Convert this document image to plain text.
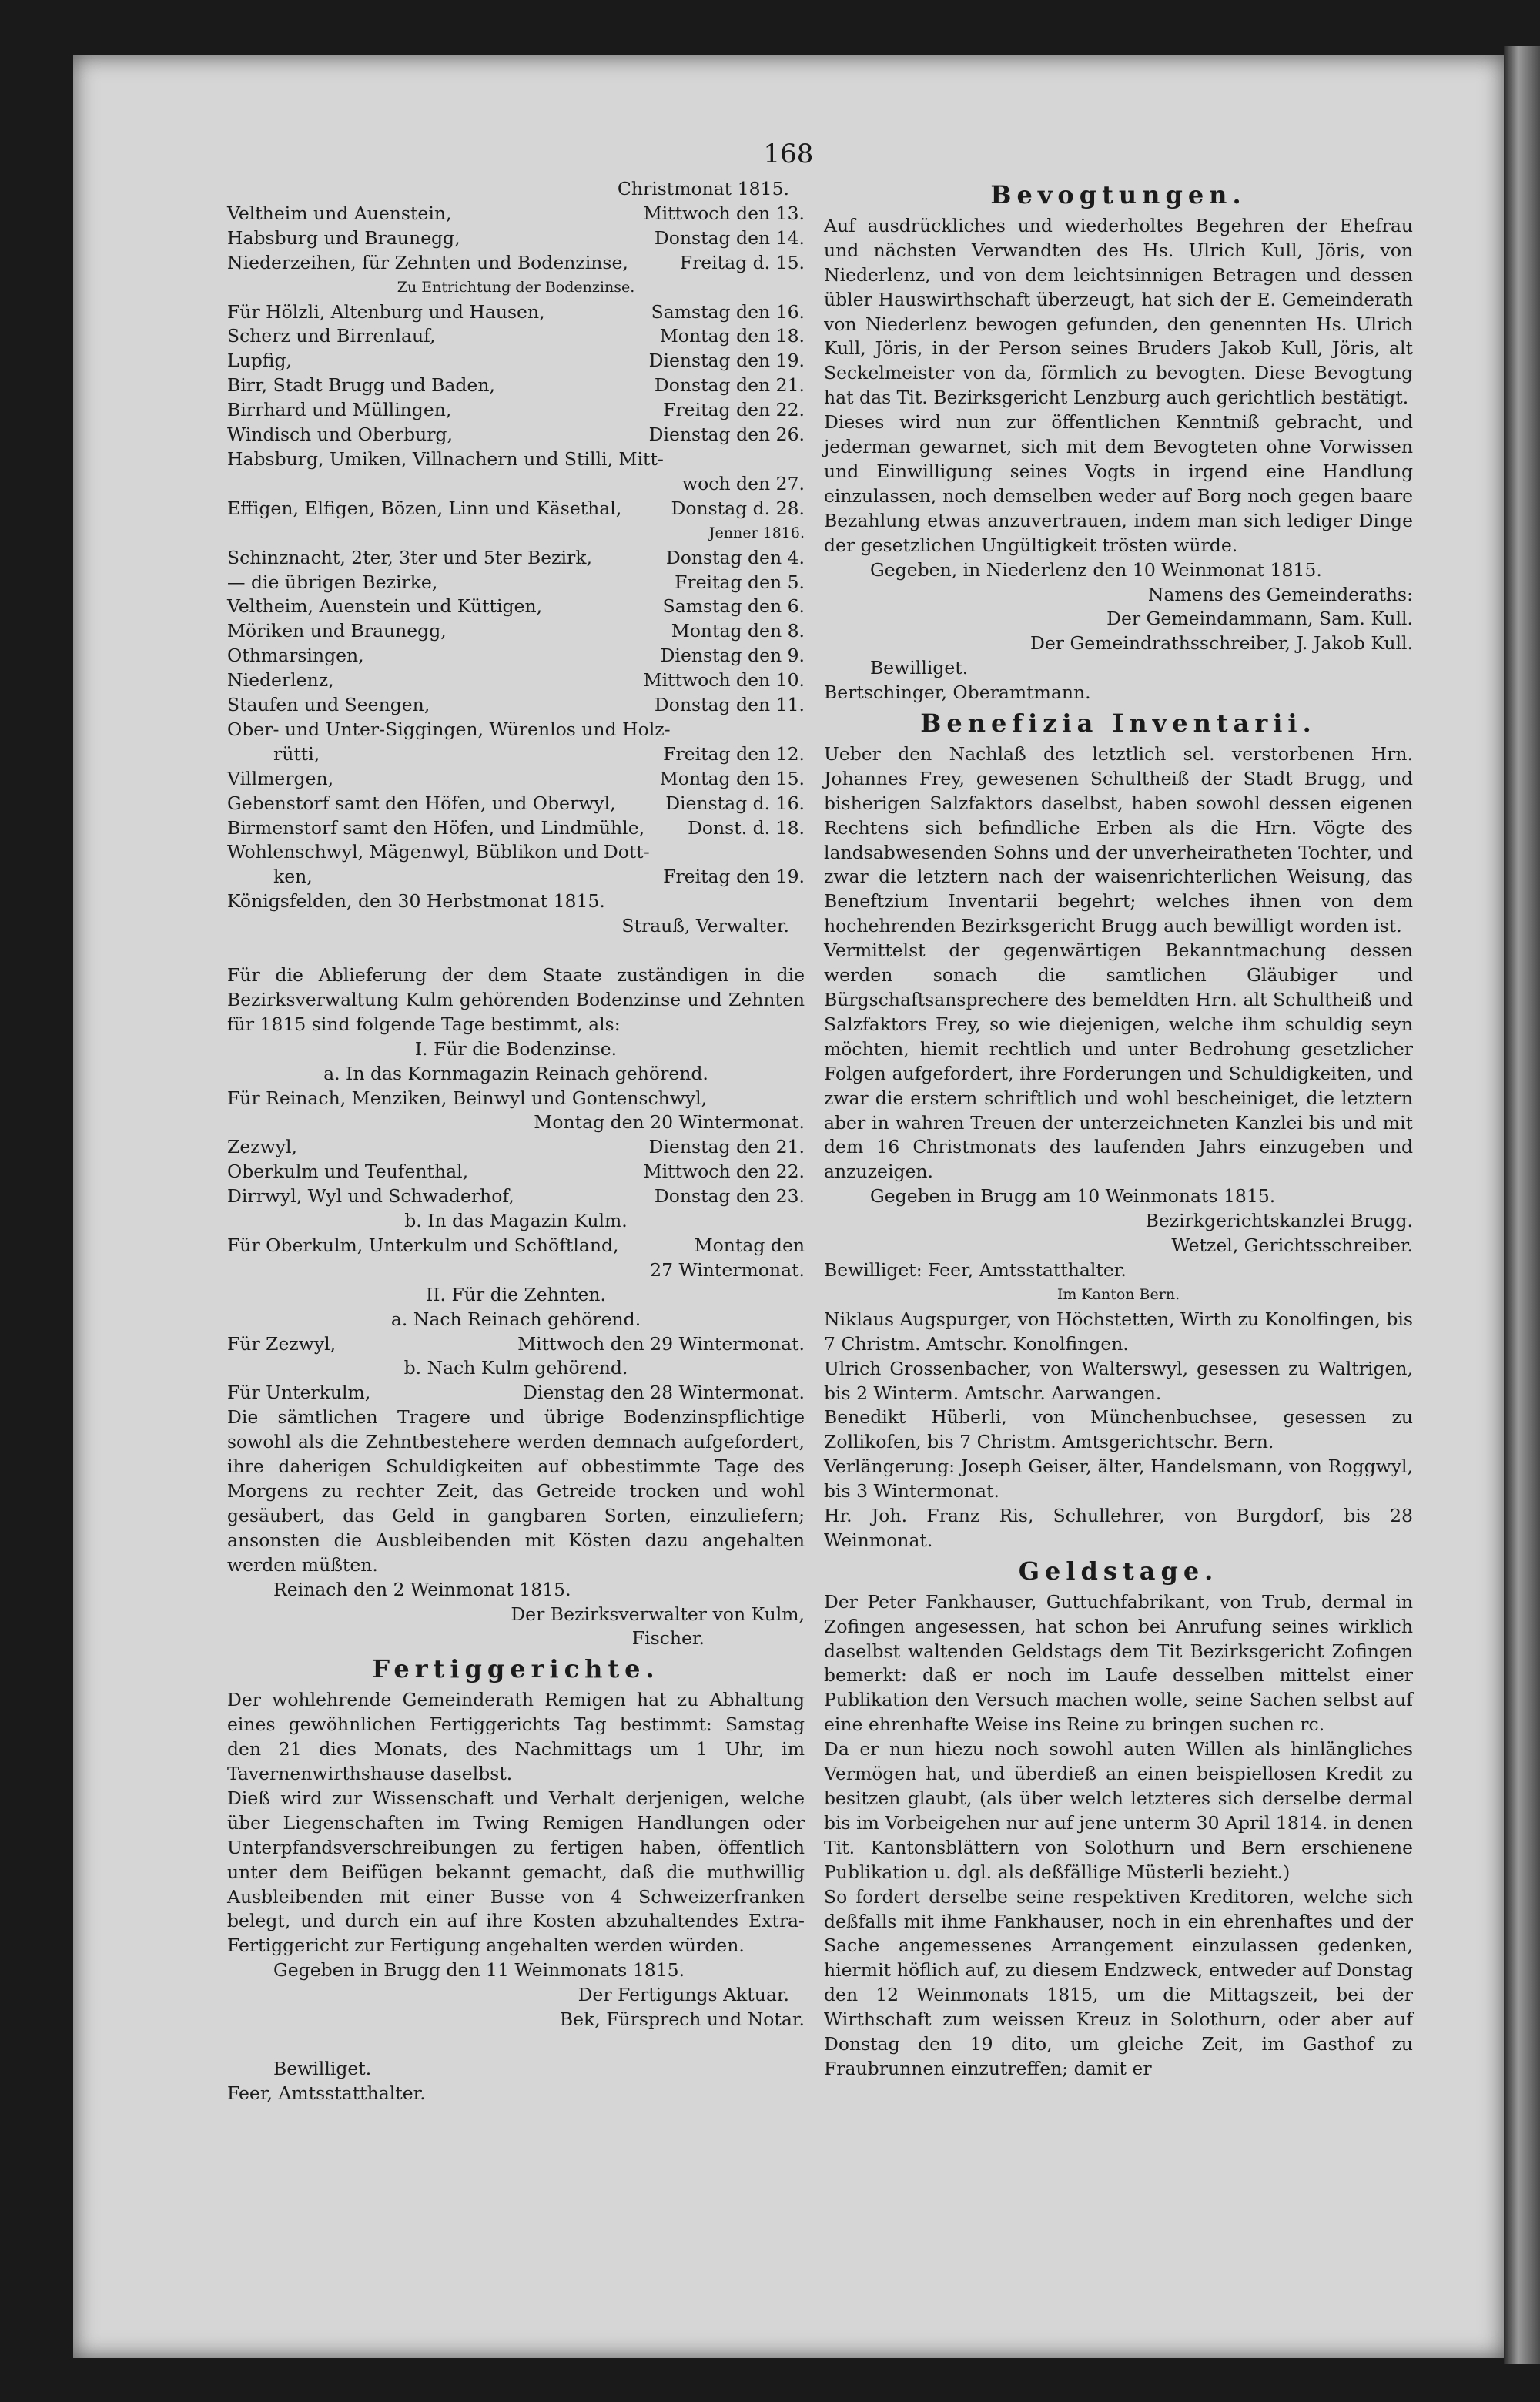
168
Christmonat 1815.
Veltheim und Auenstein,	Mittwoch den 13.
Habsburg und Braunegg,	Donstag den 14.
Niederzeihen, für Zehnten und Bodenzinse,	Freitag d. 15.
Zu Entrichtung der Bodenzinse.
Für Hölzli, Altenburg und Hausen,	Samstag den 16.
Scherz und Birrenlauf,	Montag den 18.
Lupfig,	Dienstag den 19.
Birr, Stadt Brugg und Baden,	Donstag den 21.
Birrhard und Müllingen,	Freitag den 22.
Windisch und Oberburg,	Dienstag den 26.
Habsburg, Umiken, Villnachern und Stilli, Mitt-
woch den 27.
Effigen, Elfigen, Bözen, Linn und Käsethal,	Donstag d. 28.
Jenner 1816.
Schinznacht, 2ter, 3ter und 5ter Bezirk,	Donstag den 4.
— die übrigen Bezirke,	Freitag den 5.
Veltheim, Auenstein und Küttigen,	Samstag den 6.
Möriken und Braunegg,	Montag den 8.
Othmarsingen,	Dienstag den 9.
Niederlenz,	Mittwoch den 10.
Staufen und Seengen,	Donstag den 11.
Ober- und Unter-Siggingen, Würenlos und Holz-
rütti,	Freitag den 12.
Villmergen,	Montag den 15.
Gebenstorf samt den Höfen, und Oberwyl,	Dienstag d. 16.
Birmenstorf samt den Höfen, und Lindmühle, Donst. d. 18.
Wohlenschwyl, Mägenwyl, Büblikon und Dott-
ken,	Freitag den 19.
Königsfelden, den 30 Herbstmonat 1815.
Strauß, Verwalter.
Für die Ablieferung der dem Staate zuständigen in die Bezirksverwaltung Kulm gehörenden Bodenzinse und Zehnten für 1815 sind folgende Tage bestimmt, als:
I. Für die Bodenzinse.
a. In das Kornmagazin Reinach gehörend.
Für Reinach, Menziken, Beinwyl und Gontenschwyl,
Montag den 20 Wintermonat.
Zezwyl,	Dienstag den 21.
Oberkulm und Teufenthal,	Mittwoch den 22.
Dirrwyl, Wyl und Schwaderhof,	Donstag den 23.
b. In das Magazin Kulm.
Für Oberkulm, Unterkulm und Schöftland,	Montag den
27 Wintermonat.
II. Für die Zehnten.
a. Nach Reinach gehörend.
Für Zezwyl,	Mittwoch den 29 Wintermonat.
b. Nach Kulm gehörend.
Für Unterkulm,	Dienstag den 28 Wintermonat.
Die sämtlichen Tragere und übrige Bodenzinspflichtige sowohl als die Zehntbestehere werden demnach aufgefordert, ihre daherigen Schuldigkeiten auf obbestimmte Tage des Morgens zu rechter Zeit, das Getreide trocken und wohl gesäubert, das Geld in gangbaren Sorten, einzuliefern; ansonsten die Ausbleibenden mit Kösten dazu angehalten werden müßten.
Reinach den 2 Weinmonat 1815.
Der Bezirksverwalter von Kulm,
Fischer.
Fertiggerichte.
Der wohlehrende Gemeinderath Remigen hat zu Abhaltung eines gewöhnlichen Fertiggerichts Tag bestimmt: Samstag den 21 dies Monats, des Nachmittags um 1 Uhr, im Tavernenwirthshause daselbst.
Dieß wird zur Wissenschaft und Verhalt derjenigen, welche über Liegenschaften im Twing Remigen Handlungen oder Unterpfandsverschreibungen zu fertigen haben, öffentlich unter dem Beifügen bekannt gemacht, daß die muthwillig Ausbleibenden mit einer Busse von 4 Schweizerfranken belegt, und durch ein auf ihre Kosten abzuhaltendes Extra-Fertiggericht zur Fertigung angehalten werden würden.
Gegeben in Brugg den 11 Weinmonats 1815.
Der Fertigungs Aktuar.
Bek, Fürsprech und Notar.
Bewilliget.
Feer, Amtsstatthalter.
Bevogtungen.
Auf ausdrückliches und wiederholtes Begehren der Ehefrau und nächsten Verwandten des Hs. Ulrich Kull, Jöris, von Niederlenz, und von dem leichtsinnigen Betragen und dessen übler Hauswirthschaft überzeugt, hat sich der E. Gemeinderath von Niederlenz bewogen gefunden, den genennten Hs. Ulrich Kull, Jöris, in der Person seines Bruders Jakob Kull, Jöris, alt Seckelmeister von da, förmlich zu bevogten. Diese Bevogtung hat das Tit. Bezirksgericht Lenzburg auch gerichtlich bestätigt.
Dieses wird nun zur öffentlichen Kenntniß gebracht, und jederman gewarnet, sich mit dem Bevogteten ohne Vorwissen und Einwilligung seines Vogts in irgend eine Handlung einzulassen, noch demselben weder auf Borg noch gegen baare Bezahlung etwas anzuvertrauen, indem man sich lediger Dinge der gesetzlichen Ungültigkeit trösten würde.
Gegeben, in Niederlenz den 10 Weinmonat 1815.
Namens des Gemeinderaths:
Der Gemeindammann, Sam. Kull.
Der Gemeindrathsschreiber, J. Jakob Kull.
Bewilliget.
Bertschinger, Oberamtmann.
Benefizia Inventarii.
Ueber den Nachlaß des letztlich sel. verstorbenen Hrn. Johannes Frey, gewesenen Schultheiß der Stadt Brugg, und bisherigen Salzfaktors daselbst, haben sowohl dessen eigenen Rechtens sich befindliche Erben als die Hrn. Vögte des landsabwesenden Sohns und der unverheiratheten Tochter, und zwar die letztern nach der waisenrichterlichen Weisung, das Beneftzium Inventarii begehrt; welches ihnen von dem hochehrenden Bezirksgericht Brugg auch bewilligt worden ist.
Vermittelst der gegenwärtigen Bekanntmachung dessen werden sonach die samtlichen Gläubiger und Bürgschaftsansprechere des bemeldten Hrn. alt Schultheiß und Salzfaktors Frey, so wie diejenigen, welche ihm schuldig seyn möchten, hiemit rechtlich und unter Bedrohung gesetzlicher Folgen aufgefordert, ihre Forderungen und Schuldigkeiten, und zwar die erstern schriftlich und wohl bescheiniget, die letztern aber in wahren Treuen der unterzeichneten Kanzlei bis und mit dem 16 Christmonats des laufenden Jahrs einzugeben und anzuzeigen.
Gegeben in Brugg am 10 Weinmonats 1815.
Bezirkgerichtskanzlei Brugg.
Wetzel, Gerichtsschreiber.
Bewilliget: Feer, Amtsstatthalter.
Im Kanton Bern.
Niklaus Augspurger, von Höchstetten, Wirth zu Konolfingen, bis 7 Christm. Amtschr. Konolfingen.
Ulrich Grossenbacher, von Walterswyl, gesessen zu Waltrigen, bis 2 Winterm. Amtschr. Aarwangen.
Benedikt Hüberli, von Münchenbuchsee, gesessen zu Zollikofen, bis 7 Christm. Amtsgerichtschr. Bern.
Verlängerung: Joseph Geiser, älter, Handelsmann, von Roggwyl, bis 3 Wintermonat.
Hr. Joh. Franz Ris, Schullehrer, von Burgdorf, bis 28 Weinmonat.
Geldstage.
Der Peter Fankhauser, Guttuchfabrikant, von Trub, dermal in Zofingen angesessen, hat schon bei Anrufung seines wirklich daselbst waltenden Geldstags dem Tit Bezirksgericht Zofingen bemerkt: daß er noch im Laufe desselben mittelst einer Publikation den Versuch machen wolle, seine Sachen selbst auf eine ehrenhafte Weise ins Reine zu bringen suchen rc.
Da er nun hiezu noch sowohl auten Willen als hinlängliches Vermögen hat, und überdieß an einen beispiellosen Kredit zu besitzen glaubt, (als über welch letzteres sich derselbe dermal bis im Vorbeigehen nur auf jene unterm 30 April 1814. in denen Tit. Kantonsblättern von Solothurn und Bern erschienene Publikation u. dgl. als deßfällige Müsterli bezieht.)
So fordert derselbe seine respektiven Kreditoren, welche sich deßfalls mit ihme Fankhauser, noch in ein ehrenhaftes und der Sache angemessenes Arrangement einzulassen gedenken, hiermit höflich auf, zu diesem Endzweck, entweder auf Donstag den 12 Weinmonats 1815, um die Mittagszeit, bei der Wirthschaft zum weissen Kreuz in Solothurn, oder aber auf Donstag den 19 dito, um gleiche Zeit, im Gasthof zu Fraubrunnen einzutreffen; damit er
